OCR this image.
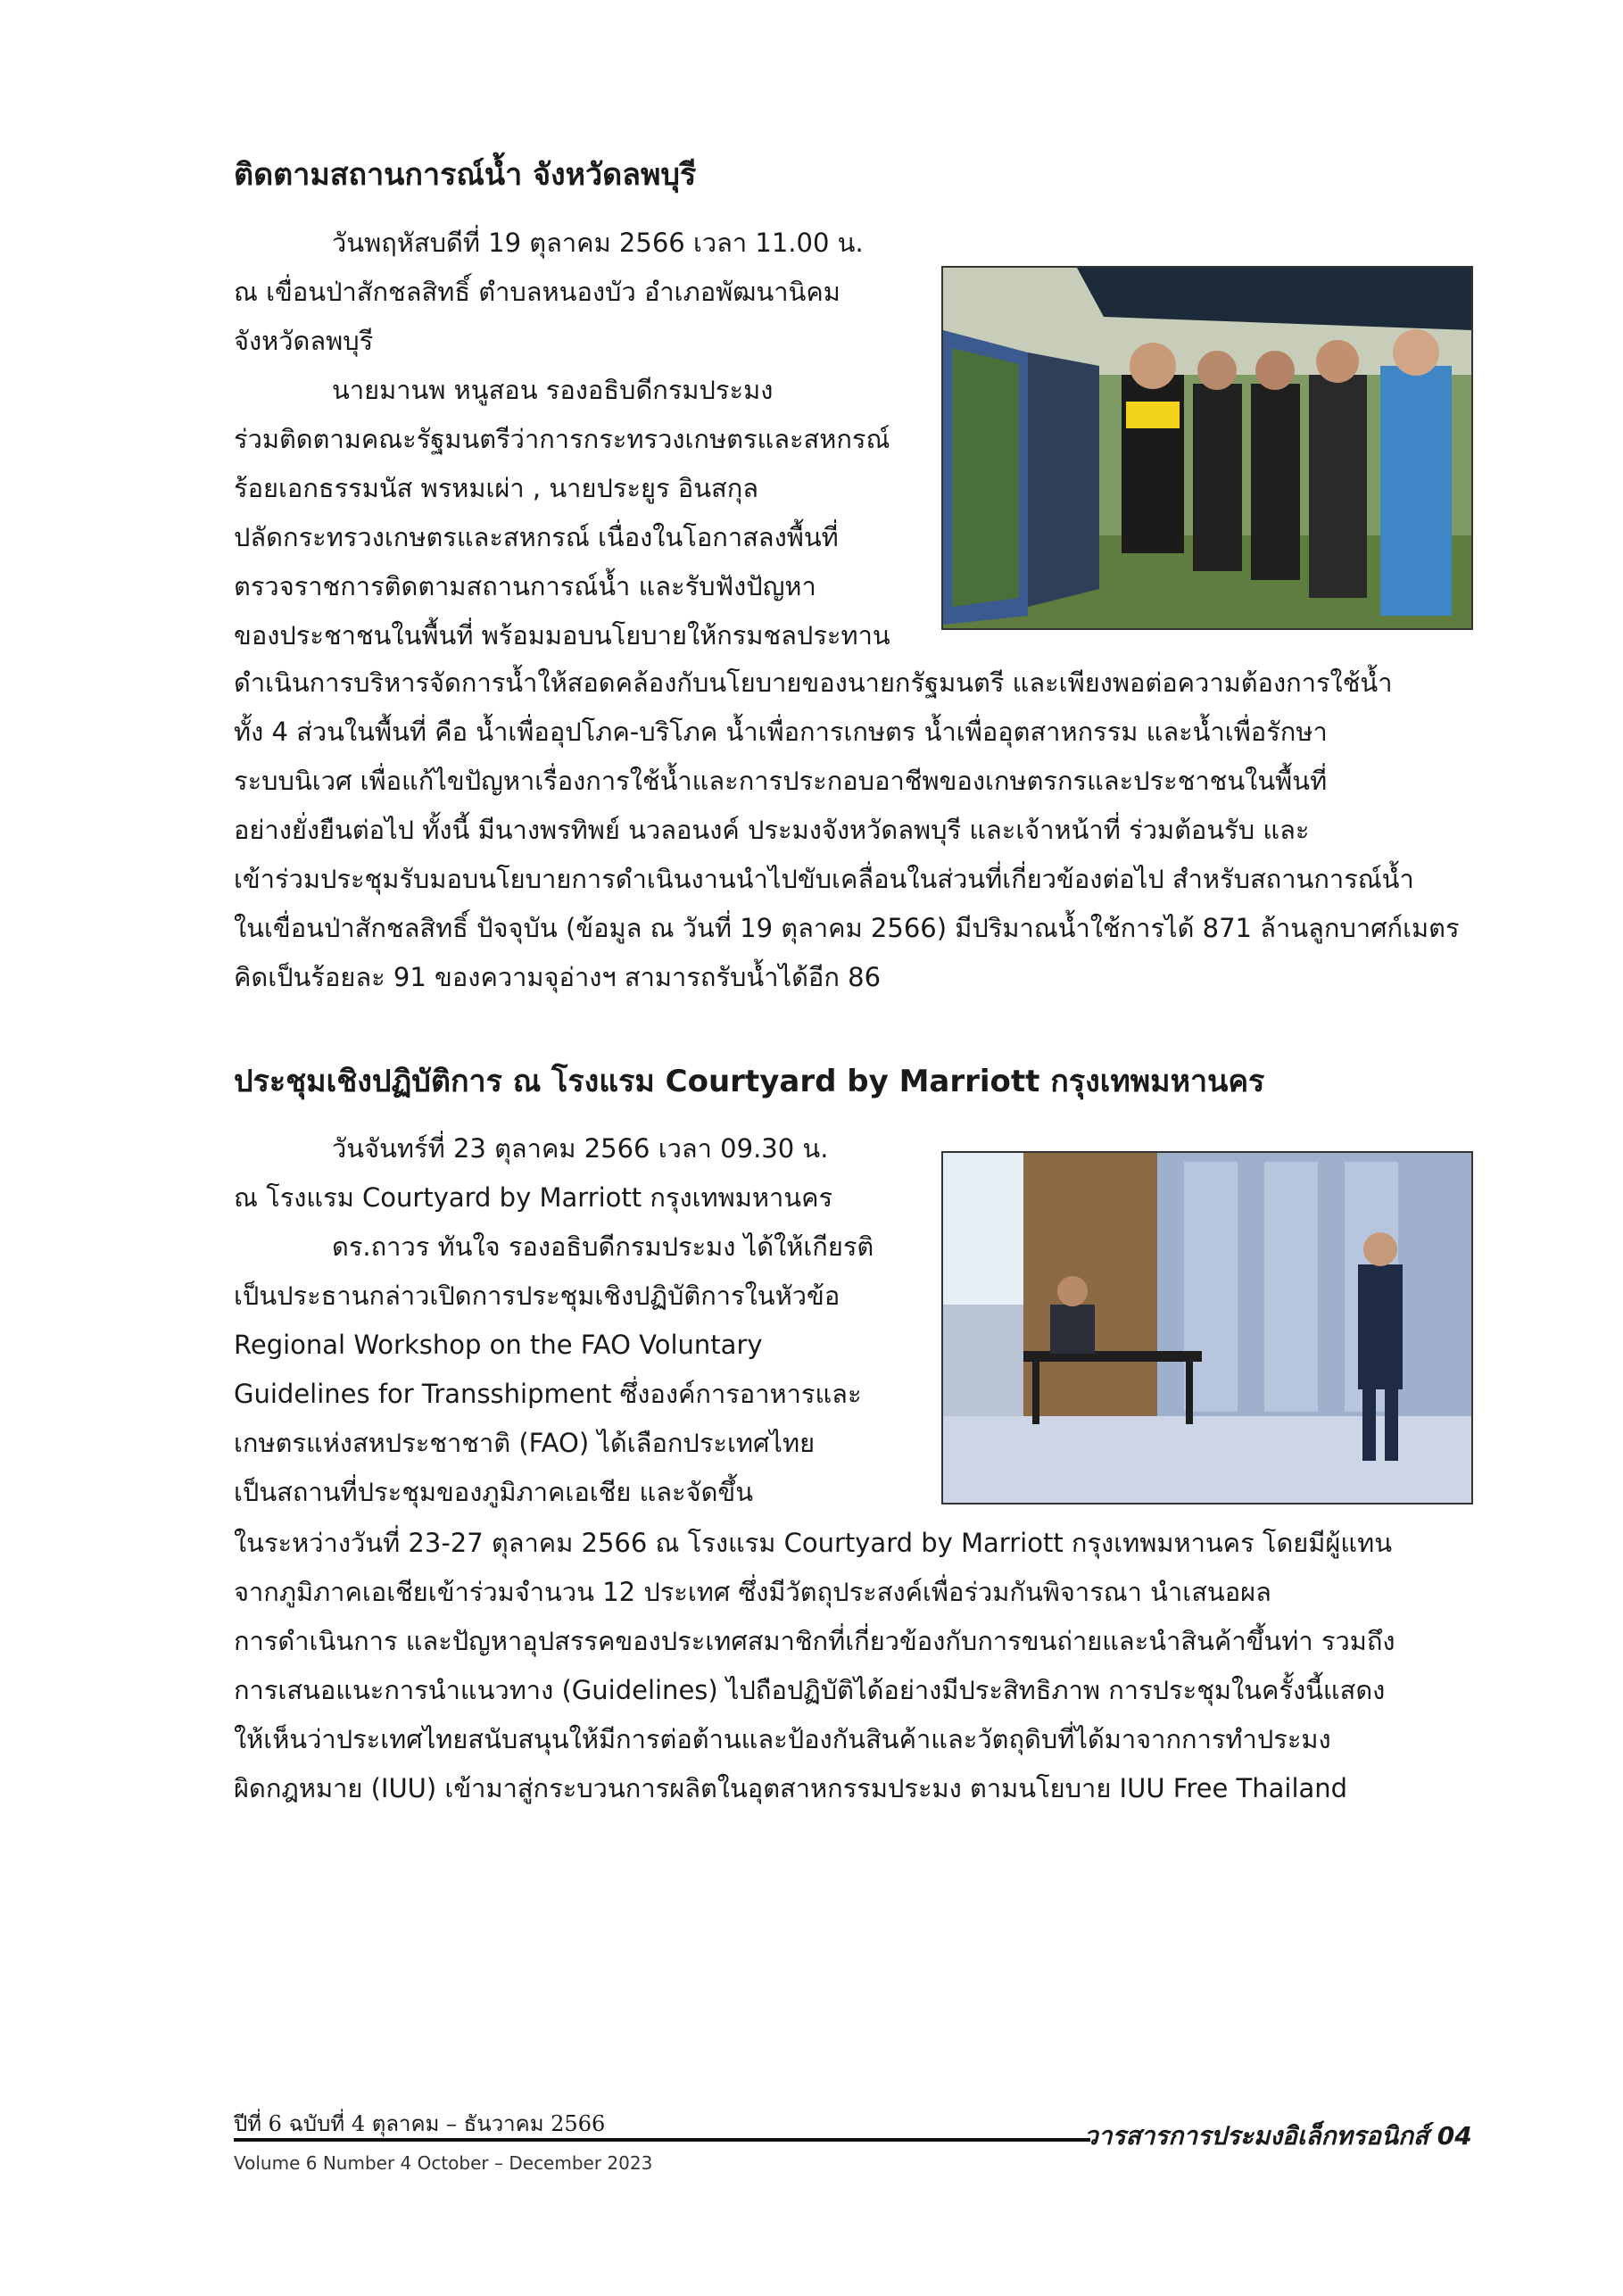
ติดตามสถานการณ์น้ำ จังหวัดลพบุรี

วันพฤหัสบดีที่ 19 ตุลาคม 2566 เวลา 11.00 น.
ณ เขื่อนป่าสักชลสิทธิ์ ตำบลหนองบัว อำเภอพัฒนานิคม
จังหวัดลพบุรี

นายมานพ หนูสอน รองอธิบดีกรมประมง
ร่วมติดตามคณะรัฐมนตรีว่าการกระทรวงเกษตรและสหกรณ์
ร้อยเอกธรรมนัส พรหมเผ่า , นายประยูร อินสกุล
ปลัดกระทรวงเกษตรและสหกรณ์ เนื่องในโอกาสลงพื้นที่
ตรวจราชการติดตามสถานการณ์น้ำ และรับฟังปัญหา
ของประชาชนในพื้นที่ พร้อมมอบนโยบายให้กรมชลประทาน

ดำเนินการบริหารจัดการน้ำให้สอดคล้องกับนโยบายของนายกรัฐมนตรี และเพียงพอต่อความต้องการใช้น้ำ
ทั้ง 4 ส่วนในพื้นที่ คือ น้ำเพื่ออุปโภค-บริโภค น้ำเพื่อการเกษตร น้ำเพื่ออุตสาหกรรม และน้ำเพื่อรักษา
ระบบนิเวศ เพื่อแก้ไขปัญหาเรื่องการใช้น้ำและการประกอบอาชีพของเกษตรกรและประชาชนในพื้นที่
อย่างยั่งยืนต่อไป ทั้งนี้ มีนางพรทิพย์ นวลอนงค์ ประมงจังหวัดลพบุรี และเจ้าหน้าที่ ร่วมต้อนรับ และ
เข้าร่วมประชุมรับมอบนโยบายการดำเนินงานนำไปขับเคลื่อนในส่วนที่เกี่ยวข้องต่อไป สำหรับสถานการณ์น้ำ
ในเขื่อนป่าสักชลสิทธิ์ ปัจจุบัน (ข้อมูล ณ วันที่ 19 ตุลาคม 2566) มีปริมาณน้ำใช้การได้ 871 ล้านลูกบาศก์เมตร
คิดเป็นร้อยละ 91 ของความจุอ่างฯ สามารถรับน้ำได้อีก 86

ประชุมเชิงปฏิบัติการ ณ โรงแรม Courtyard by Marriott กรุงเทพมหานคร

วันจันทร์ที่ 23 ตุลาคม 2566 เวลา 09.30 น.
ณ โรงแรม Courtyard by Marriott กรุงเทพมหานคร

ดร.ถาวร ทันใจ รองอธิบดีกรมประมง ได้ให้เกียรติ
เป็นประธานกล่าวเปิดการประชุมเชิงปฏิบัติการในหัวข้อ
Regional Workshop on the FAO Voluntary
Guidelines for Transshipment ซึ่งองค์การอาหารและ
เกษตรแห่งสหประชาชาติ (FAO) ได้เลือกประเทศไทย
เป็นสถานที่ประชุมของภูมิภาคเอเชีย และจัดขึ้น

ในระหว่างวันที่ 23-27 ตุลาคม 2566 ณ โรงแรม Courtyard by Marriott กรุงเทพมหานคร โดยมีผู้แทน
จากภูมิภาคเอเชียเข้าร่วมจำนวน 12 ประเทศ ซึ่งมีวัตถุประสงค์เพื่อร่วมกันพิจารณา นำเสนอผล
การดำเนินการ และปัญหาอุปสรรคของประเทศสมาชิกที่เกี่ยวข้องกับการขนถ่ายและนำสินค้าขึ้นท่า รวมถึง
การเสนอแนะการนำแนวทาง (Guidelines) ไปถือปฏิบัติได้อย่างมีประสิทธิภาพ การประชุมในครั้งนี้แสดง
ให้เห็นว่าประเทศไทยสนับสนุนให้มีการต่อต้านและป้องกันสินค้าและวัตถุดิบที่ได้มาจากการทำประมง
ผิดกฎหมาย (IUU) เข้ามาสู่กระบวนการผลิตในอุตสาหกรรมประมง ตามนโยบาย IUU Free Thailand

ปีที่ 6 ฉบับที่ 4 ตุลาคม – ธันวาคม 2566	วารสารการประมงอิเล็กทรอนิกส์ 04
Volume 6 Number 4 October – December 2023
